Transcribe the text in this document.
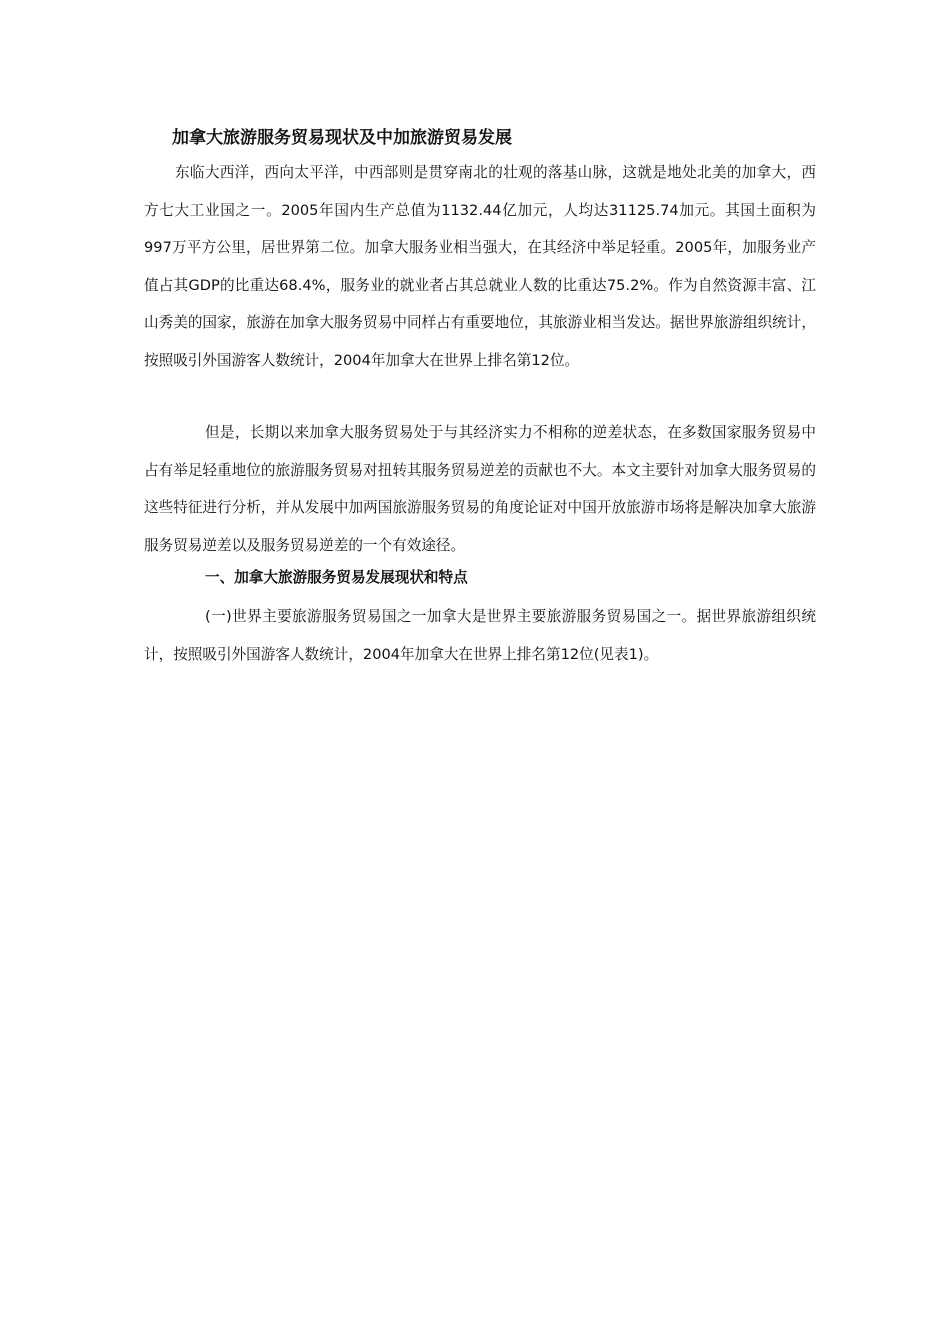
加拿大旅游服务贸易现状及中加旅游贸易发展
东临大西洋，西向太平洋，中西部则是贯穿南北的壮观的落基山脉，这就是地处北美的加拿大，西方七大工业国之一。2005年国内生产总值为1132.44亿加元，人均达31125.74加元。其国土面积为997万平方公里，居世界第二位。加拿大服务业相当强大，在其经济中举足轻重。2005年，加服务业产值占其GDP的比重达68.4%，服务业的就业者占其总就业人数的比重达75.2%。作为自然资源丰富、江山秀美的国家，旅游在加拿大服务贸易中同样占有重要地位，其旅游业相当发达。据世界旅游组织统计，按照吸引外国游客人数统计，2004年加拿大在世界上排名第12位。
但是，长期以来加拿大服务贸易处于与其经济实力不相称的逆差状态，在多数国家服务贸易中占有举足轻重地位的旅游服务贸易对扭转其服务贸易逆差的贡献也不大。本文主要针对加拿大服务贸易的这些特征进行分析，并从发展中加两国旅游服务贸易的角度论证对中国开放旅游市场将是解决加拿大旅游服务贸易逆差以及服务贸易逆差的一个有效途径。
一、加拿大旅游服务贸易发展现状和特点
(一)世界主要旅游服务贸易国之一加拿大是世界主要旅游服务贸易国之一。据世界旅游组织统计，按照吸引外国游客人数统计，2004年加拿大在世界上排名第12位(见表1)。
